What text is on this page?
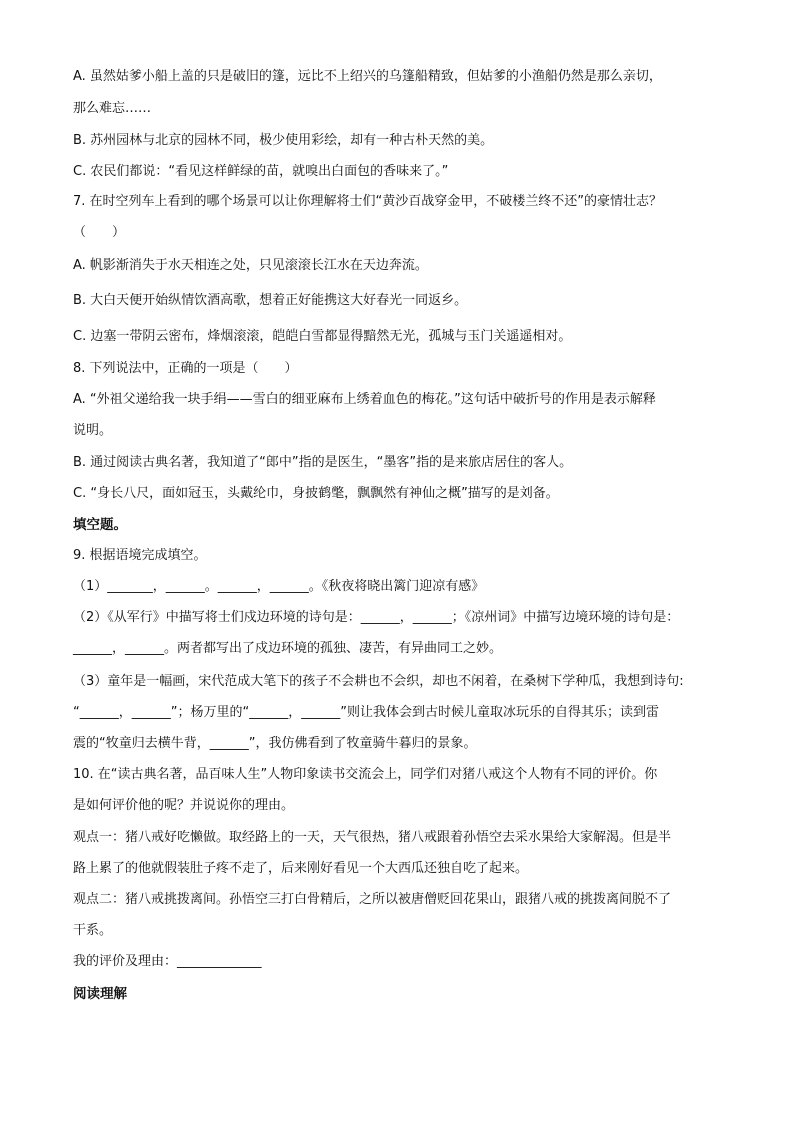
A. 虽然姑爹小船上盖的只是破旧的篷，远比不上绍兴的乌篷船精致，但姑爹的小渔船仍然是那么亲切，

那么难忘……

B. 苏州园林与北京的园林不同，极少使用彩绘，却有一种古朴天然的美。

C. 农民们都说：“看见这样鲜绿的苗，就嗅出白面包的香味来了。”

7. 在时空列车上看到的哪个场景可以让你理解将士们“黄沙百战穿金甲，不破楼兰终不还”的豪情壮志？

（　　）

A. 帆影渐消失于水天相连之处，只见滚滚长江水在天边奔流。

B. 大白天便开始纵情饮酒高歌，想着正好能携这大好春光一同返乡。

C. 边塞一带阴云密布，烽烟滚滚，皑皑白雪都显得黯然无光，孤城与玉门关遥遥相对。

8. 下列说法中，正确的一项是（　　）

A. “外祖父递给我一块手绢——雪白的细亚麻布上绣着血色的梅花。”这句话中破折号的作用是表示解释

说明。

B. 通过阅读古典名著，我知道了“郎中”指的是医生，“墨客”指的是来旅店居住的客人。

C. “身长八尺，面如冠玉，头戴纶巾，身披鹤氅，飘飘然有神仙之概”描写的是刘备。

填空题。

9. 根据语境完成填空。

（1）_______，______。______，______。《秋夜将晓出篱门迎凉有感》

（2）《从军行》中描写将士们戍边环境的诗句是：______，______；《凉州词》中描写边境环境的诗句是：

______，______。两者都写出了戍边环境的孤独、凄苦，有异曲同工之妙。

（3）童年是一幅画，宋代范成大笔下的孩子不会耕也不会织，却也不闲着，在桑树下学种瓜，我想到诗句:

“______，______”；杨万里的“______，______”则让我体会到古时候儿童取冰玩乐的自得其乐；读到雷

震的“牧童归去横牛背，______”，我仿佛看到了牧童骑牛暮归的景象。

10. 在“读古典名著，品百味人生”人物印象读书交流会上，同学们对猪八戒这个人物有不同的评价。你

是如何评价他的呢？并说说你的理由。

观点一：猪八戒好吃懒做。取经路上的一天，天气很热，猪八戒跟着孙悟空去采水果给大家解渴。但是半

路上累了的他就假装肚子疼不走了，后来刚好看见一个大西瓜还独自吃了起来。

观点二：猪八戒挑拨离间。孙悟空三打白骨精后，之所以被唐僧贬回花果山，跟猪八戒的挑拨离间脱不了

干系。

我的评价及理由：_____________

阅读理解
